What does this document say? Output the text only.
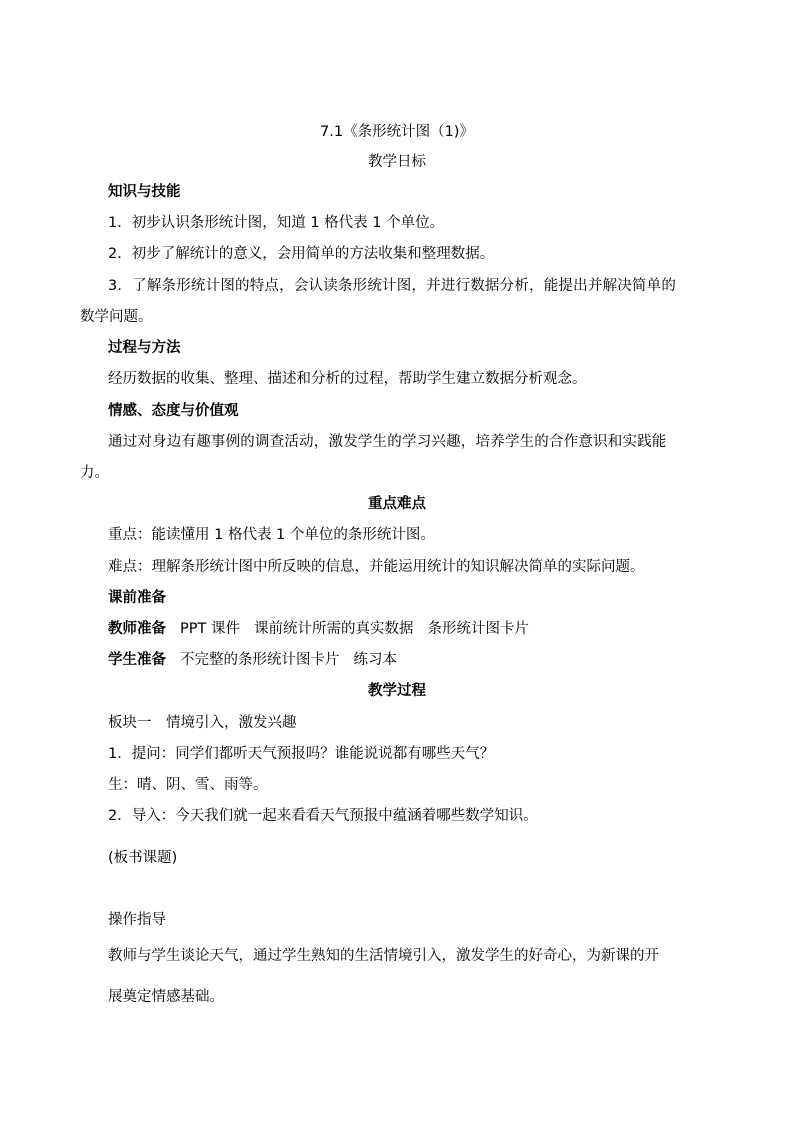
7.1《条形统计图（1)》
教学日标
知识与技能
1．初步认识条形统计图，知道 1 格代表 1 个单位。
2．初步了解统计的意义，会用简单的方法收集和整理数据。
3．了解条形统计图的特点，会认读条形统计图，并进行数据分析，能提出并解决简单的
数学问题。
过程与方法
经历数据的收集、整理、描述和分析的过程，帮助学生建立数据分析观念。
情感、态度与价值观
通过对身边有趣事例的调查活动，激发学生的学习兴趣，培养学生的合作意识和实践能
力。
重点难点
重点：能读懂用 1 格代表 1 个单位的条形统计图。
难点：理解条形统计图中所反映的信息，并能运用统计的知识解决简单的实际问题。
课前准备
教师准备 PPT 课件 课前统计所需的真实数据 条形统计图卡片
学生准备 不完整的条形统计图卡片 练习本
教学过程
板块一　情境引入，激发兴趣
1．提问：同学们都听天气预报吗？谁能说说都有哪些天气？
生：晴、阴、雪、雨等。
2．导入：今天我们就一起来看看天气预报中蕴涵着哪些数学知识。
(板书课题)
操作指导
教师与学生谈论天气，通过学生熟知的生活情境引入，激发学生的好奇心，为新课的开
展奠定情感基础。
